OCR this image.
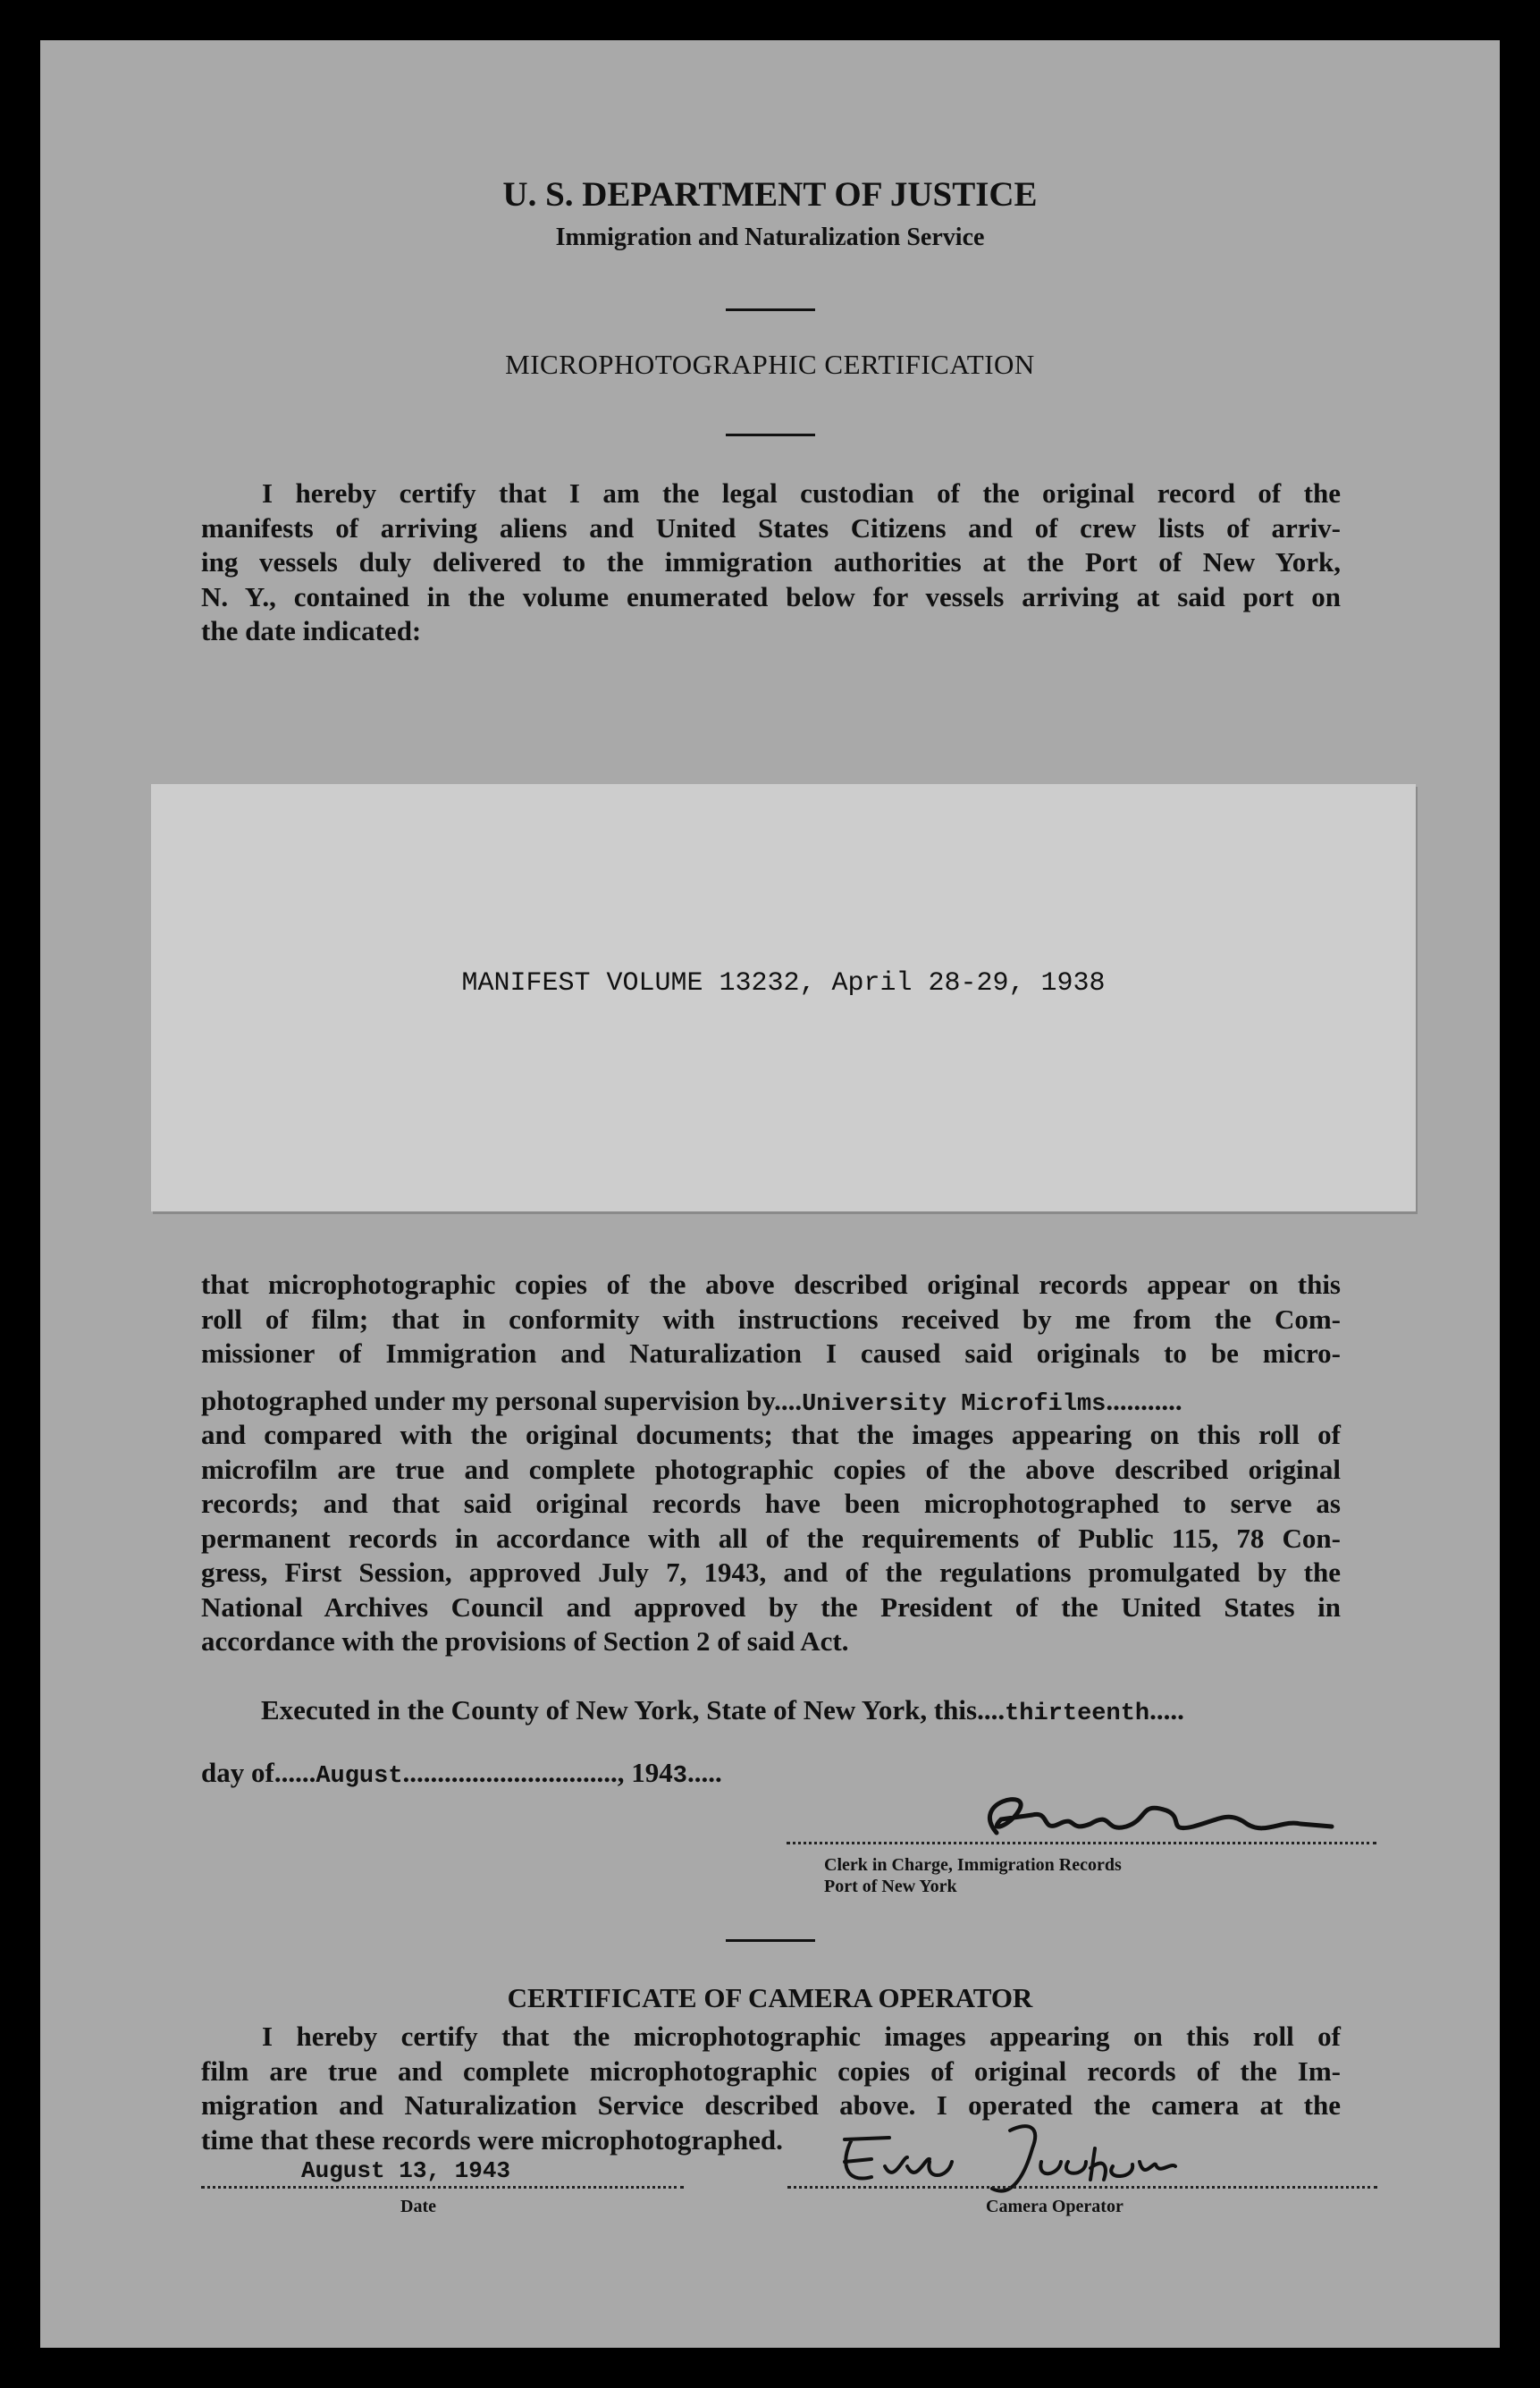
U. S. DEPARTMENT OF JUSTICE
Immigration and Naturalization Service
MICROPHOTOGRAPHIC CERTIFICATION
I hereby certify that I am the legal custodian of the original record of the
manifests of arriving aliens and United States Citizens and of crew lists of arriv-
ing vessels duly delivered to the immigration authorities at the Port of New York,
N. Y., contained in the volume enumerated below for vessels arriving at said port on
the date indicated:
MANIFEST VOLUME 13232, April 28-29, 1938
that microphotographic copies of the above described original records appear on this
roll of film; that in conformity with instructions received by me from the Com-
missioner of Immigration and Naturalization I caused said originals to be micro-
photographed under my personal supervision by....University Microfilms...........
and compared with the original documents; that the images appearing on this roll of
microfilm are true and complete photographic copies of the above described original
records; and that said original records have been microphotographed to serve as
permanent records in accordance with all of the requirements of Public 115, 78 Con-
gress, First Session, approved July 7, 1943, and of the regulations promulgated by the
National Archives Council and approved by the President of the United States in
accordance with the provisions of Section 2 of said Act.
Executed in the County of New York, State of New York, this....thirteenth.....
day of......August..............................., 1943.....
Clerk in Charge, Immigration Records
Port of New York
CERTIFICATE OF CAMERA OPERATOR
I hereby certify that the microphotographic images appearing on this roll of
film are true and complete microphotographic copies of original records of the Im-
migration and Naturalization Service described above. I operated the camera at the
time that these records were microphotographed.
August 13, 1943
Date	Camera Operator
